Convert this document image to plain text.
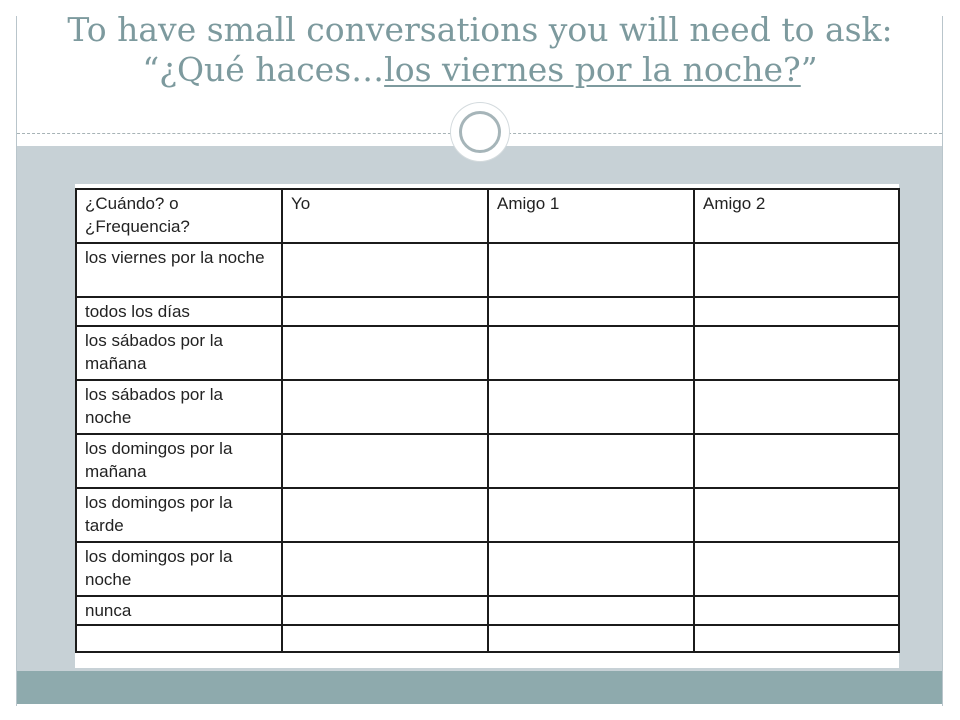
To have small conversations you will need to ask:
“¿Qué haces…los viernes por la noche?”
¿Cuándo? o ¿Frequencia?	Yo	Amigo 1	Amigo 2
los viernes por la noche			
todos los días			
los sábados por la mañana			
los sábados por la noche			
los domingos por la mañana			
los domingos por la tarde			
los domingos por la noche			
nunca			
